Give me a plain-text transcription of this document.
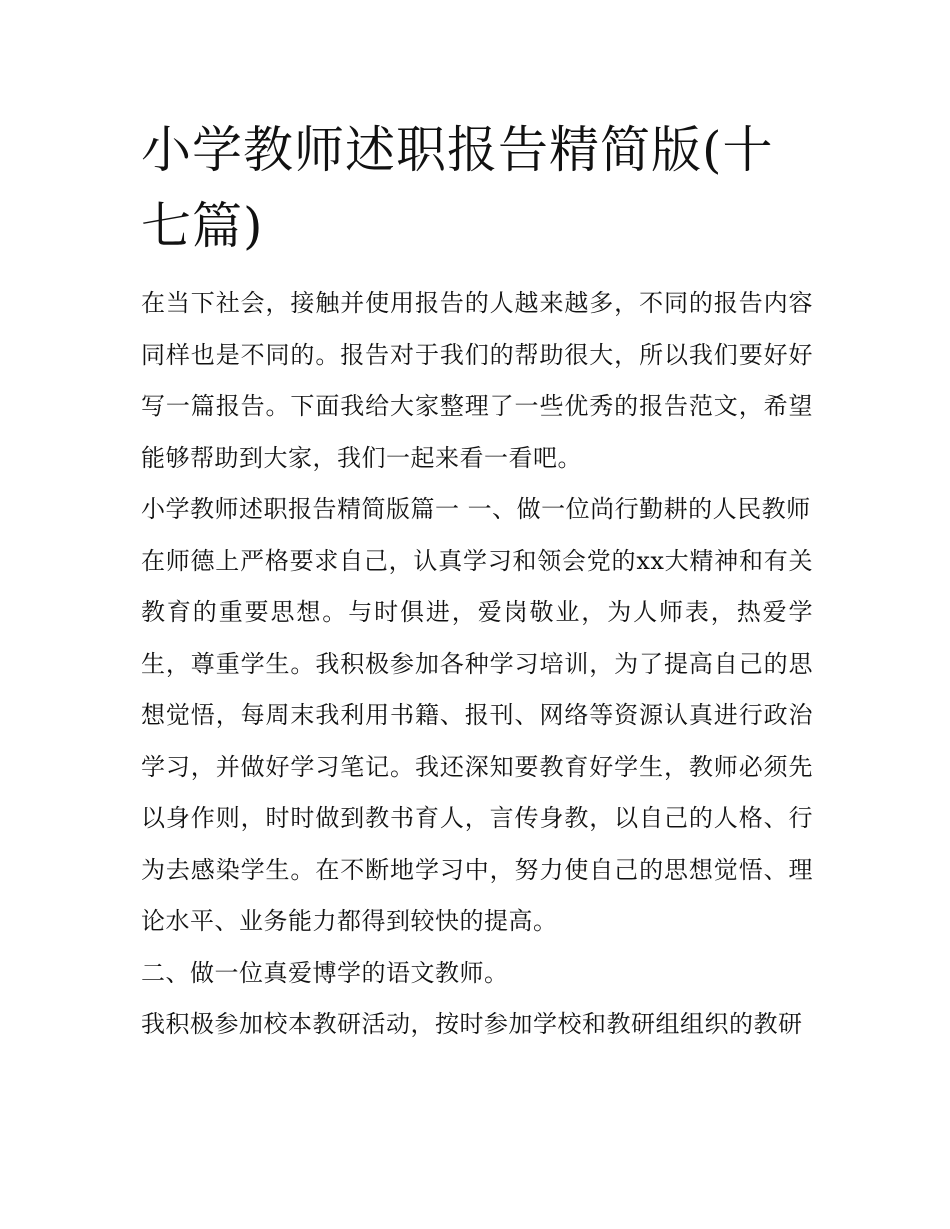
小学教师述职报告精简版(十七篇)

在当下社会，接触并使用报告的人越来越多，不同的报告内容同样也是不同的。报告对于我们的帮助很大，所以我们要好好写一篇报告。下面我给大家整理了一些优秀的报告范文，希望能够帮助到大家，我们一起来看一看吧。

小学教师述职报告精简版篇一 一、做一位尚行勤耕的人民教师

在师德上严格要求自己，认真学习和领会党的xx大精神和有关教育的重要思想。与时俱进，爱岗敬业，为人师表，热爱学生，尊重学生。我积极参加各种学习培训，为了提高自己的思想觉悟，每周末我利用书籍、报刊、网络等资源认真进行政治学习，并做好学习笔记。我还深知要教育好学生，教师必须先以身作则，时时做到教书育人，言传身教，以自己的人格、行为去感染学生。在不断地学习中，努力使自己的思想觉悟、理论水平、业务能力都得到较快的提高。

二、做一位真爱博学的语文教师。

我积极参加校本教研活动，按时参加学校和教研组组织的教研
